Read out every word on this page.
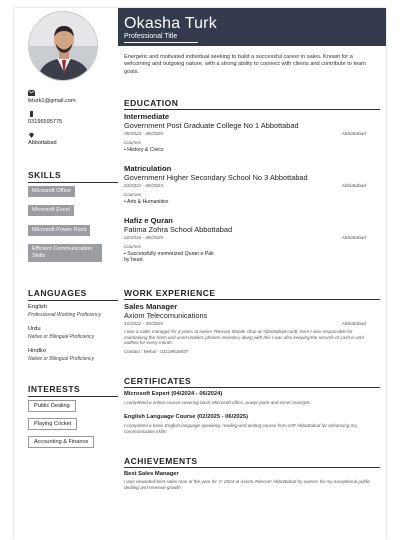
Okasha Turk
Professional Title
Energetic and motivated individual seeking to build a successful career in sales. Known for a welcoming and outgoing nature, with a strong ability to connect with clients and contribute to team goals.
ikturk1@gmail.com
03196595775
Abbottabad
SKILLS
Microsoft Office
Microsoft Excel
Microsoft Power Point
Efficient Communication Skills
LANGUAGES
English
Professional Working Proficiency
Urdu
Native or Bilingual Proficiency
Hindko
Native or Bilingual Proficiency
INTERESTS
Public Dealing
Playing Cricket
Accounting & Finance
EDUCATION
Intermediate
Government Post Graduate College No 1 Abbottabad
05/2023 - 06/2025	Abbottabad
Courses
▪ History & Civics
Matriculation
Government Higher Secondary School No 3 Abbottabad
03/2021 - 06/2023	Abbottabad
Courses
▪ Arts & Humanities
Hafiz e Quran
Fatima Zohra School Abbottabad
02/2016 - 06/2019	Abbottabad
Courses
▪ Successfully memorized Quran e Pak by heart.
WORK EXPERIENCE
Sales Manager
Axiom Telecomunications
10/2022 - 05/2025	Abbottabad
I was a sales manager for 3 years at Axiom Telecom Mobile shop at Abbottabad cantt, here I was responsible for maintaining the fresh and used mobiles phones inventory along with this I was also keeping the records of cash in and outflow for every month.
Contact : Mehal - 03139818937
CERTIFICATES
Microsoft Expert (04/2024 - 06/2024)
I completed a online course covering basic Microsoft office, power point and excel concepts.
English Language Course (02/2025 - 06/2025)
I completed a basic English language speaking, reading and writing course from GIP Abbottabad for enhancing my communication skills
ACHIEVEMENTS
Best Sales Manager
I was rewarded best sales man of the year for Yr 2024 at Axiom Telecom Abbottabad by owners for my exceptional public dealing and revenue growth
